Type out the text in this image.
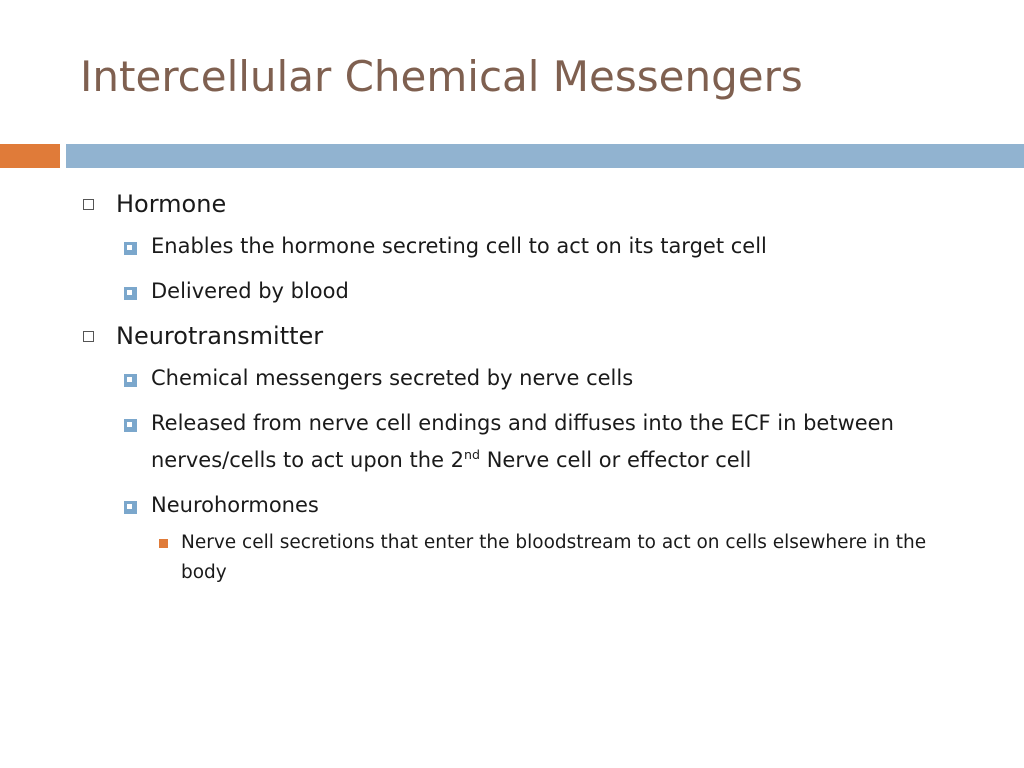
Intercellular Chemical Messengers
Hormone
Enables the hormone secreting cell to act on its target cell
Delivered by blood
Neurotransmitter
Chemical messengers secreted by nerve cells
Released from nerve cell endings and diffuses into the ECF in between nerves/cells to act upon the 2nd Nerve cell or effector cell
Neurohormones
Nerve cell secretions that enter the bloodstream to act on cells elsewhere in the body
